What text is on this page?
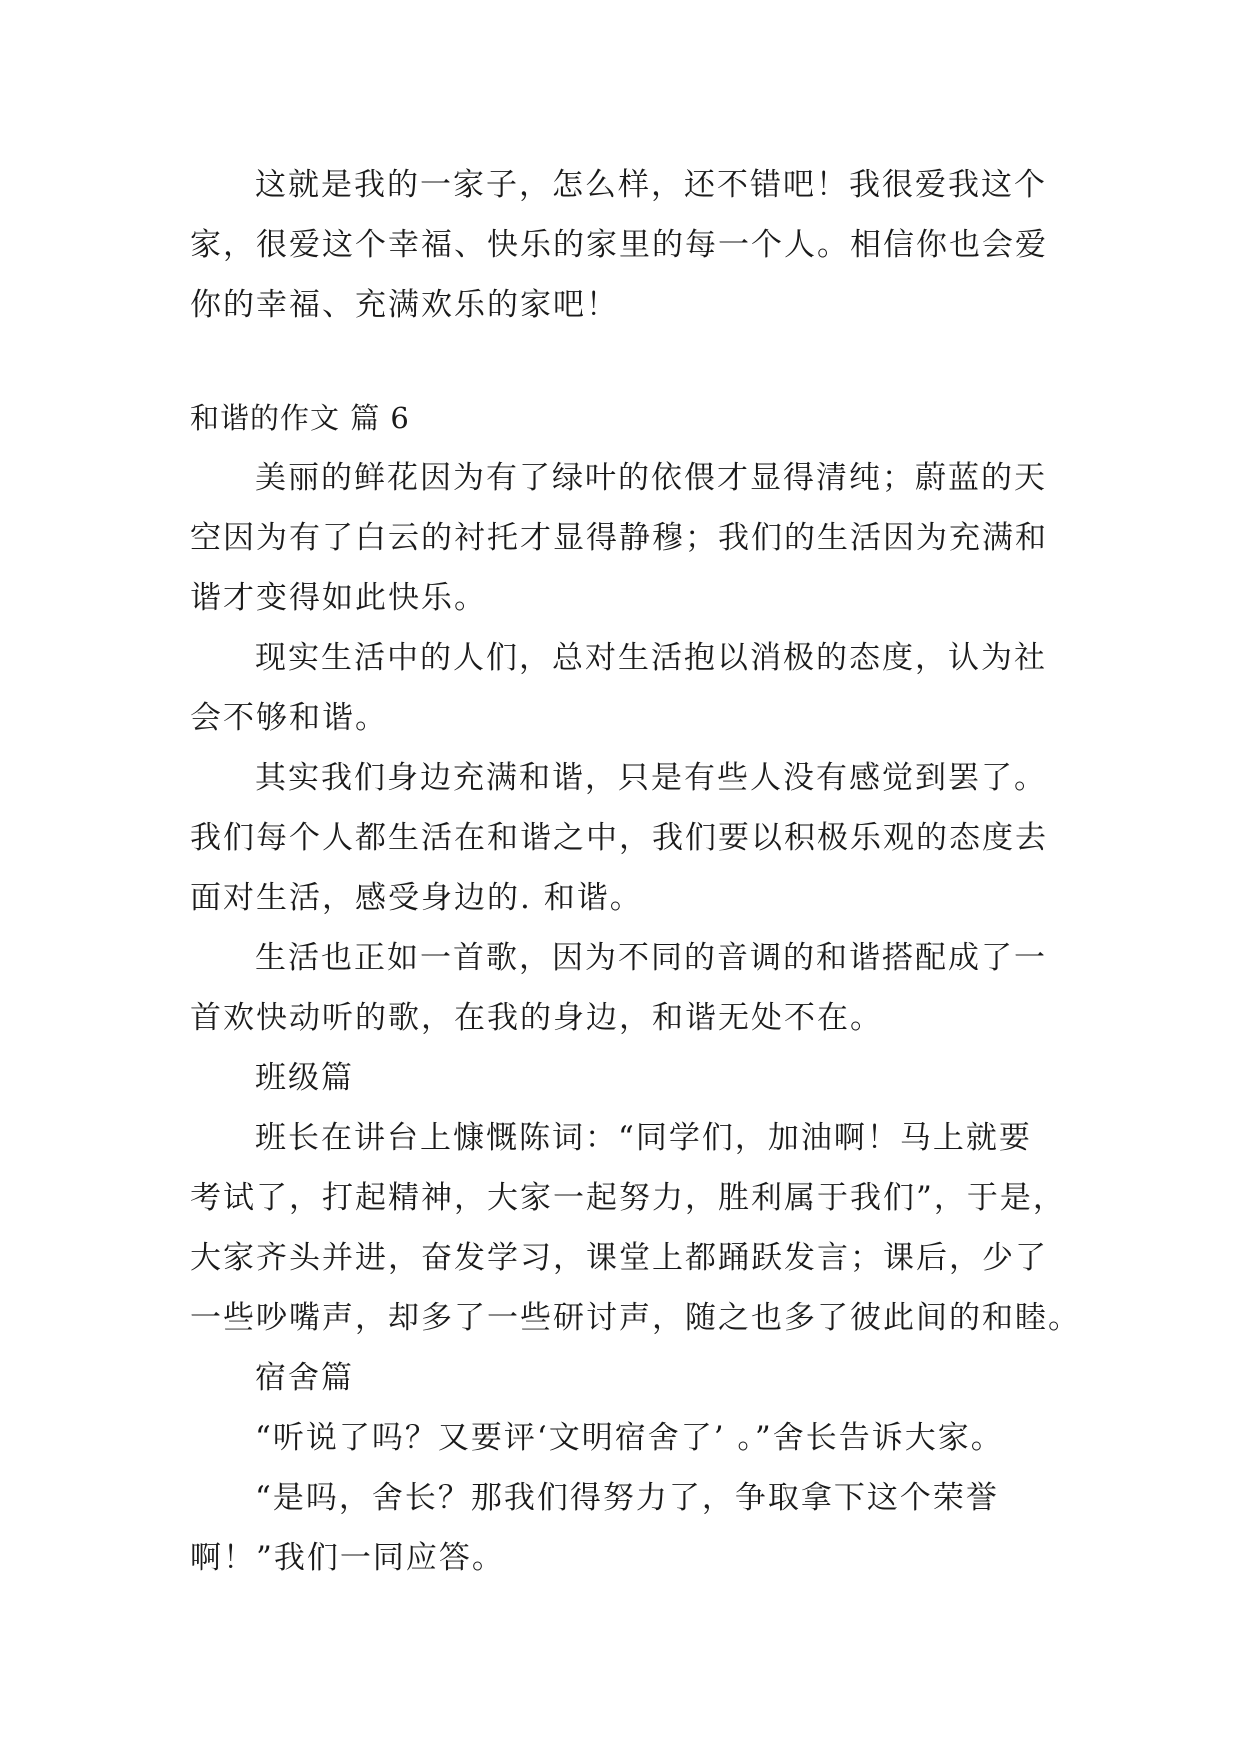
这就是我的一家子，怎么样，还不错吧！我很爱我这个
家，很爱这个幸福、快乐的家里的每一个人。相信你也会爱
你的幸福、充满欢乐的家吧！
和谐的作文 篇 6
美丽的鲜花因为有了绿叶的依偎才显得清纯；蔚蓝的天
空因为有了白云的衬托才显得静穆；我们的生活因为充满和
谐才变得如此快乐。
现实生活中的人们，总对生活抱以消极的态度，认为社
会不够和谐。
其实我们身边充满和谐，只是有些人没有感觉到罢了。
我们每个人都生活在和谐之中，我们要以积极乐观的态度去
面对生活，感受身边的. 和谐。
生活也正如一首歌，因为不同的音调的和谐搭配成了一
首欢快动听的歌，在我的身边，和谐无处不在。
班级篇
班长在讲台上慷慨陈词：“同学们，加油啊！马上就要
考试了，打起精神，大家一起努力，胜利属于我们”，于是，
大家齐头并进，奋发学习，课堂上都踊跃发言；课后，少了
一些吵嘴声，却多了一些研讨声，随之也多了彼此间的和睦。
宿舍篇
“听说了吗？又要评‘文明宿舍了’ 。”舍长告诉大家。
“是吗，舍长？那我们得努力了，争取拿下这个荣誉
啊！”我们一同应答。
